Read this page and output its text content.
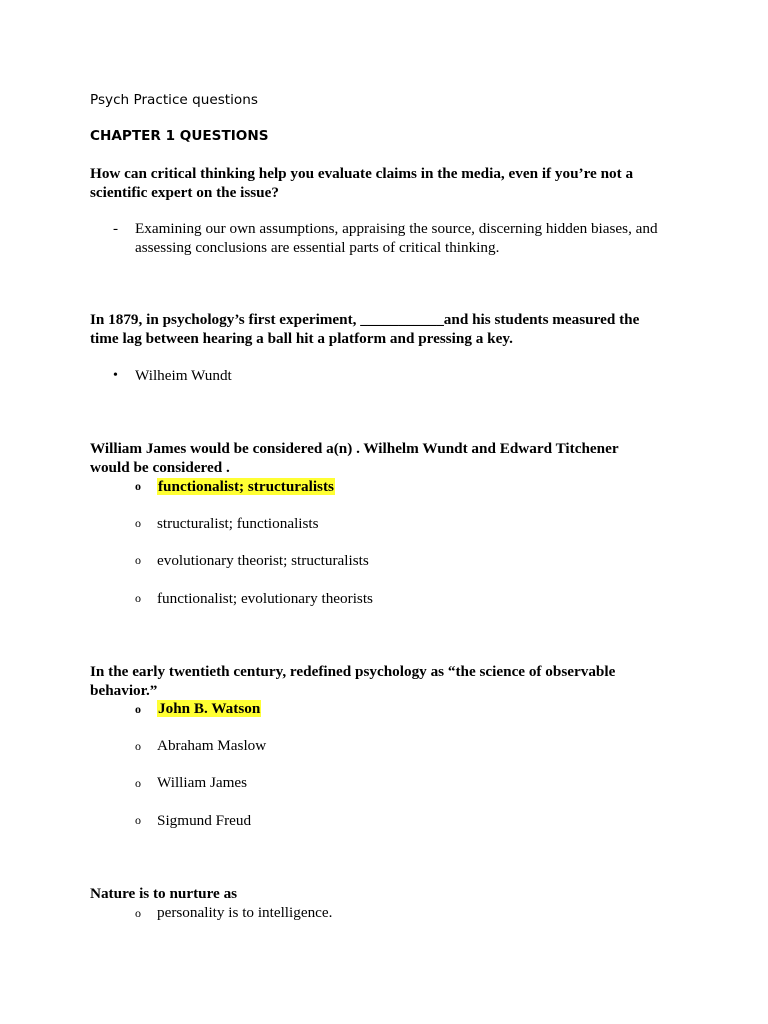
Psych Practice questions
CHAPTER 1 QUESTIONS
How can critical thinking help you evaluate claims in the media, even if you’re not a
scientific expert on the issue?
- Examining our own assumptions, appraising the source, discerning hidden biases, and
assessing conclusions are essential parts of critical thinking.
In 1879, in psychology’s first experiment, ___________and his students measured the
time lag between hearing a ball hit a platform and pressing a key.
• Wilheim Wundt
William James would be considered a(n) . Wilhelm Wundt and Edward Titchener
would be considered .
o functionalist; structuralists
o structuralist; functionalists
o evolutionary theorist; structuralists
o functionalist; evolutionary theorists
In the early twentieth century, redefined psychology as “the science of observable
behavior.”
o John B. Watson
o Abraham Maslow
o William James
o Sigmund Freud
Nature is to nurture as
o personality is to intelligence.
